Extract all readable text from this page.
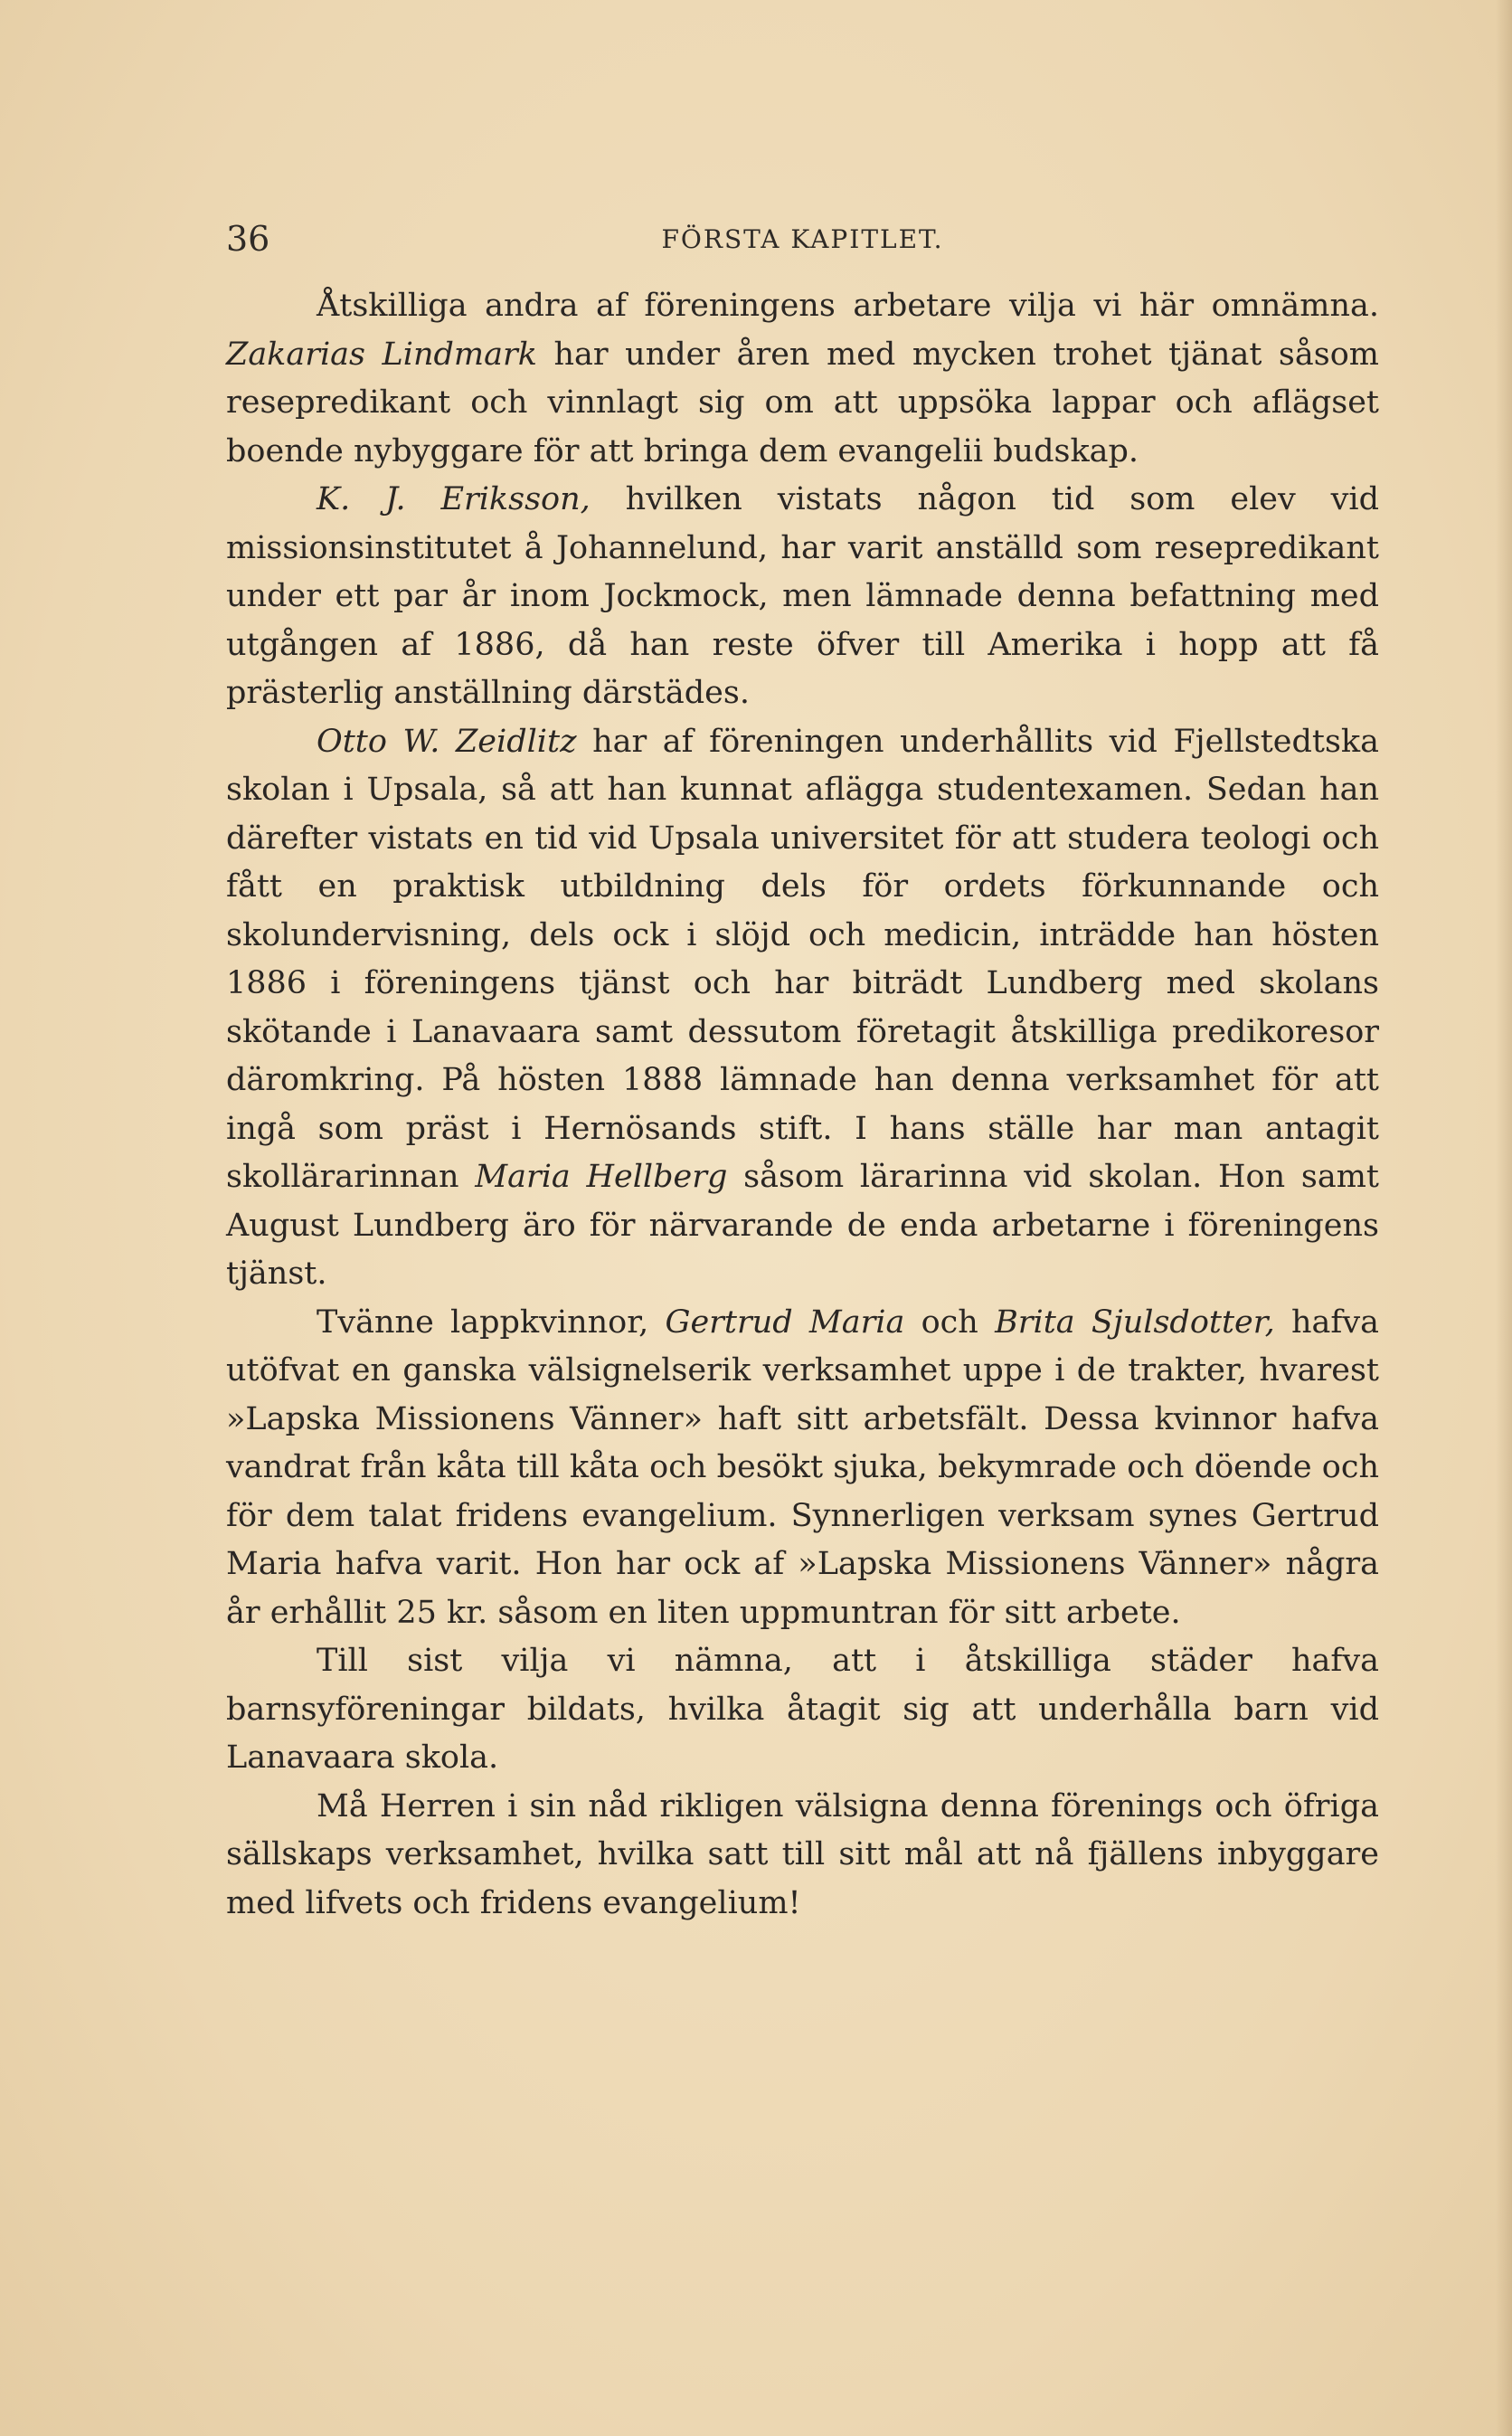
36	FÖRSTA KAPITLET.

Åtskilliga andra af föreningens arbetare vilja vi här omnämna. Zakarias Lindmark har under åren med mycken trohet tjänat såsom resepredikant och vinnlagt sig om att uppsöka lappar och aflägset boende nybyggare för att bringa dem evangelii budskap.

K. J. Eriksson, hvilken vistats någon tid som elev vid missionsinstitutet å Johannelund, har varit anställd som resepredikant under ett par år inom Jockmock, men lämnade denna befattning med utgången af 1886, då han reste öfver till Amerika i hopp att få prästerlig anställning därstädes.

Otto W. Zeidlitz har af föreningen underhållits vid Fjellstedtska skolan i Upsala, så att han kunnat aflägga studentexamen. Sedan han därefter vistats en tid vid Upsala universitet för att studera teologi och fått en praktisk utbildning dels för ordets förkunnande och skolundervisning, dels ock i slöjd och medicin, inträdde han hösten 1886 i föreningens tjänst och har biträdt Lundberg med skolans skötande i Lanavaara samt dessutom företagit åtskilliga predikoresor däromkring. På hösten 1888 lämnade han denna verksamhet för att ingå som präst i Hernösands stift. I hans ställe har man antagit skollärarinnan Maria Hellberg såsom lärarinna vid skolan. Hon samt August Lundberg äro för närvarande de enda arbetarne i föreningens tjänst.

Tvänne lappkvinnor, Gertrud Maria och Brita Sjulsdotter, hafva utöfvat en ganska välsignelserik verksamhet uppe i de trakter, hvarest »Lapska Missionens Vänner» haft sitt arbetsfält. Dessa kvinnor hafva vandrat från kåta till kåta och besökt sjuka, bekymrade och döende och för dem talat fridens evangelium. Synnerligen verksam synes Gertrud Maria hafva varit. Hon har ock af »Lapska Missionens Vänner» några år erhållit 25 kr. såsom en liten uppmuntran för sitt arbete.

Till sist vilja vi nämna, att i åtskilliga städer hafva barnsyföreningar bildats, hvilka åtagit sig att underhålla barn vid Lanavaara skola.

Må Herren i sin nåd rikligen välsigna denna förenings och öfriga sällskaps verksamhet, hvilka satt till sitt mål att nå fjällens inbyggare med lifvets och fridens evangelium!
